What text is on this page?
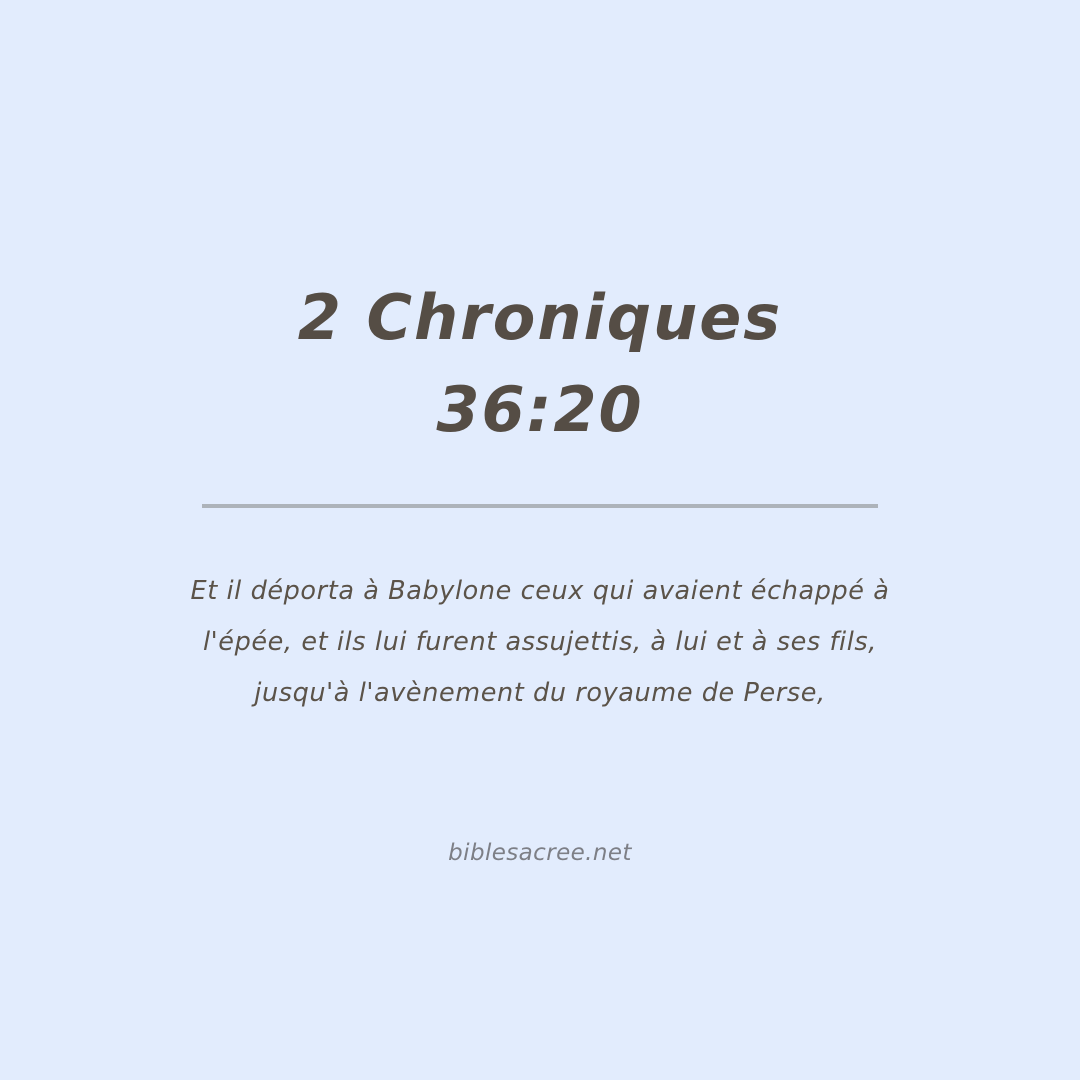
2 Chroniques 36:20
Et il déporta à Babylone ceux qui avaient échappé à l'épée, et ils lui furent assujettis, à lui et à ses fils, jusqu'à l'avènement du royaume de Perse,
biblesacree.net
